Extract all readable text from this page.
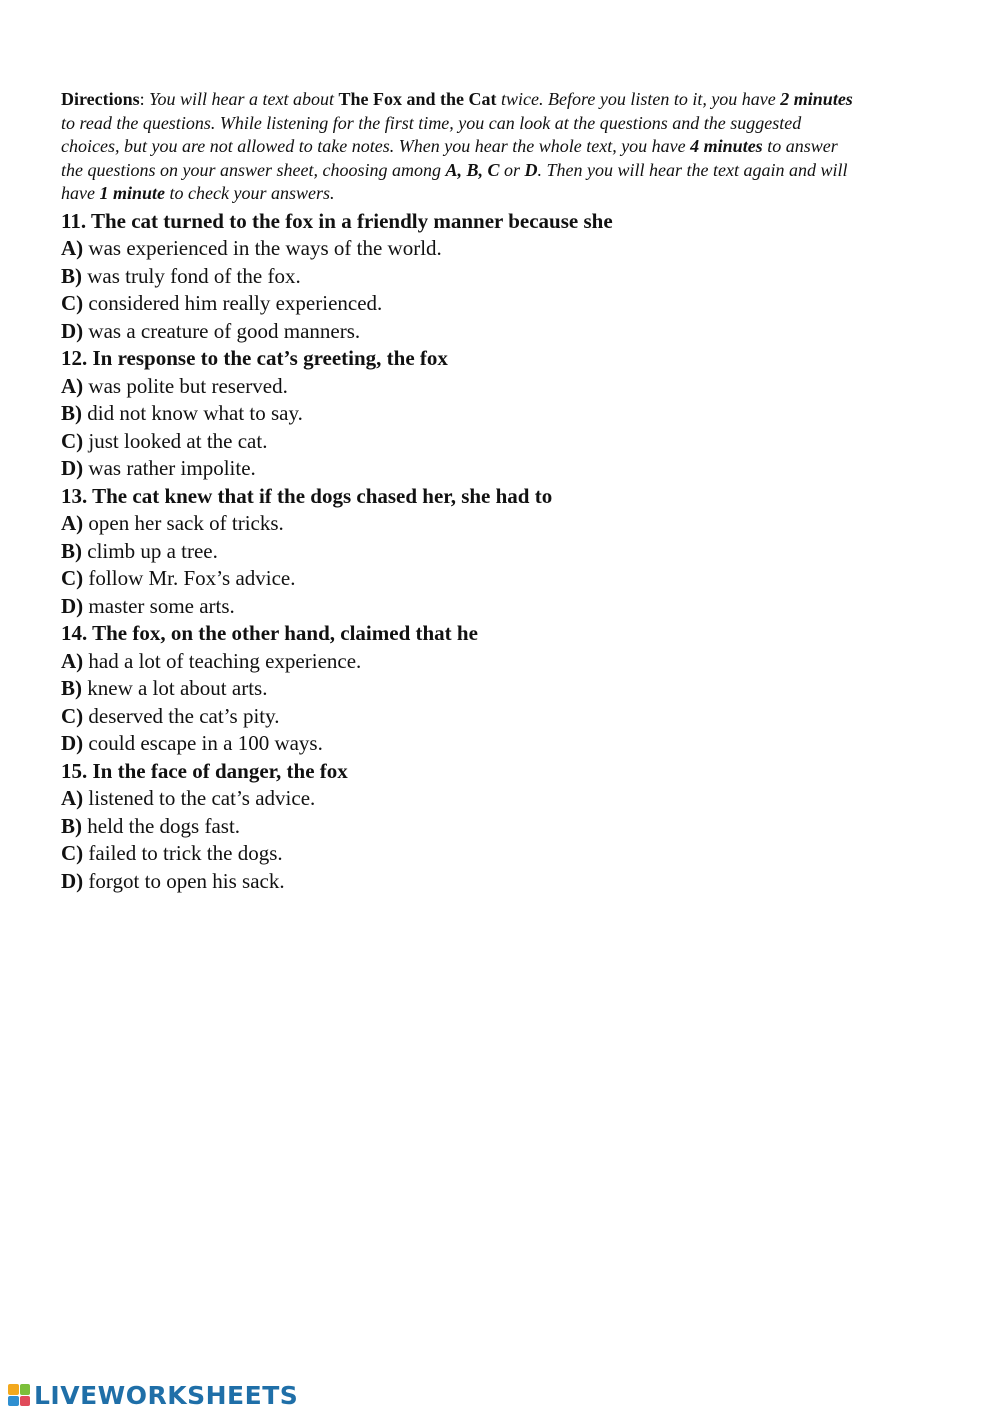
Directions: You will hear a text about The Fox and the Cat twice. Before you listen to it, you have 2 minutes to read the questions. While listening for the first time, you can look at the questions and the suggested choices, but you are not allowed to take notes. When you hear the whole text, you have 4 minutes to answer the questions on your answer sheet, choosing among A, B, C or D. Then you will hear the text again and will have 1 minute to check your answers.

11. The cat turned to the fox in a friendly manner because she

A) was experienced in the ways of the world.

B) was truly fond of the fox.

C) considered him really experienced.

D) was a creature of good manners.

12. In response to the cat’s greeting, the fox

A) was polite but reserved.

B) did not know what to say.

C) just looked at the cat.

D) was rather impolite.

13. The cat knew that if the dogs chased her, she had to

A) open her sack of tricks.

B) climb up a tree.

C) follow Mr. Fox’s advice.

D) master some arts.

14. The fox, on the other hand, claimed that he

A) had a lot of teaching experience.

B) knew a lot about arts.

C) deserved the cat’s pity.

D) could escape in a 100 ways.

15. In the face of danger, the fox

A) listened to the cat’s advice.

B) held the dogs fast.

C) failed to trick the dogs.

D) forgot to open his sack.

LIVEWORKSHEETS
